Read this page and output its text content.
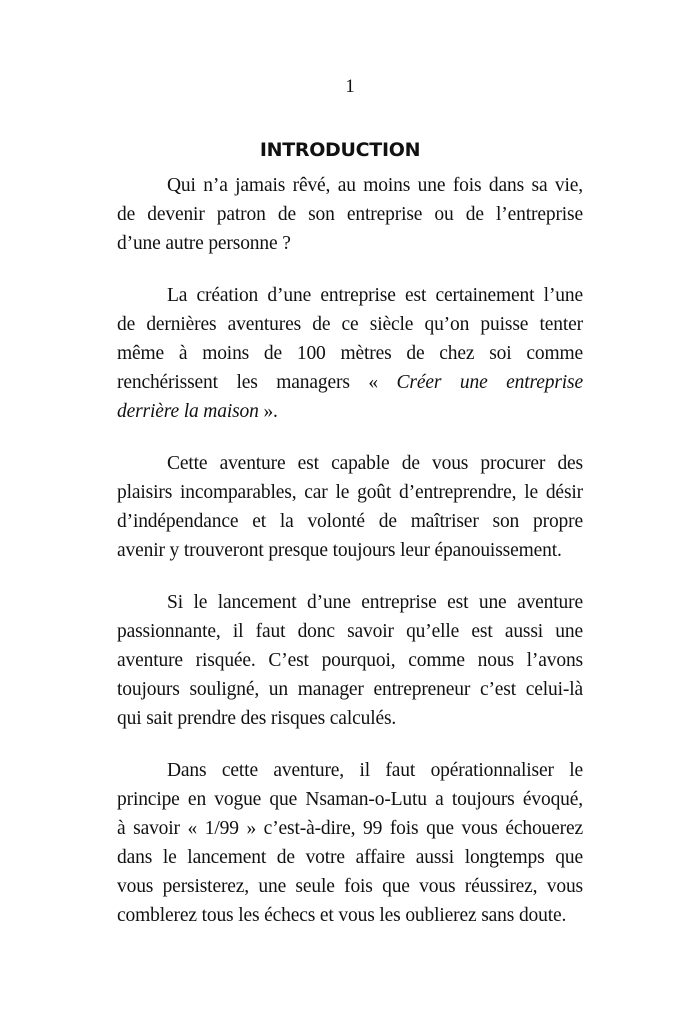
1
INTRODUCTION
Qui n’a jamais rêvé, au moins une fois dans sa vie,
de devenir patron de son entreprise ou de l’entreprise
d’une autre personne ?
La création d’une entreprise est certainement l’une
de dernières aventures de ce siècle qu’on puisse tenter
même à moins de 100 mètres de chez soi comme
renchérissent les managers « Créer une entreprise
derrière la maison ».
Cette aventure est capable de vous procurer des
plaisirs incomparables, car le goût d’entreprendre, le désir
d’indépendance et la volonté de maîtriser son propre
avenir y trouveront presque toujours leur épanouissement.
Si le lancement d’une entreprise est une aventure
passionnante, il faut donc savoir qu’elle est aussi une
aventure risquée. C’est pourquoi, comme nous l’avons
toujours souligné, un manager entrepreneur c’est celui-là
qui sait prendre des risques calculés.
Dans cette aventure, il faut opérationnaliser le
principe en vogue que Nsaman-o-Lutu a toujours évoqué,
à savoir « 1/99 » c’est-à-dire, 99 fois que vous échouerez
dans le lancement de votre affaire aussi longtemps que
vous persisterez, une seule fois que vous réussirez, vous
comblerez tous les échecs et vous les oublierez sans doute.
